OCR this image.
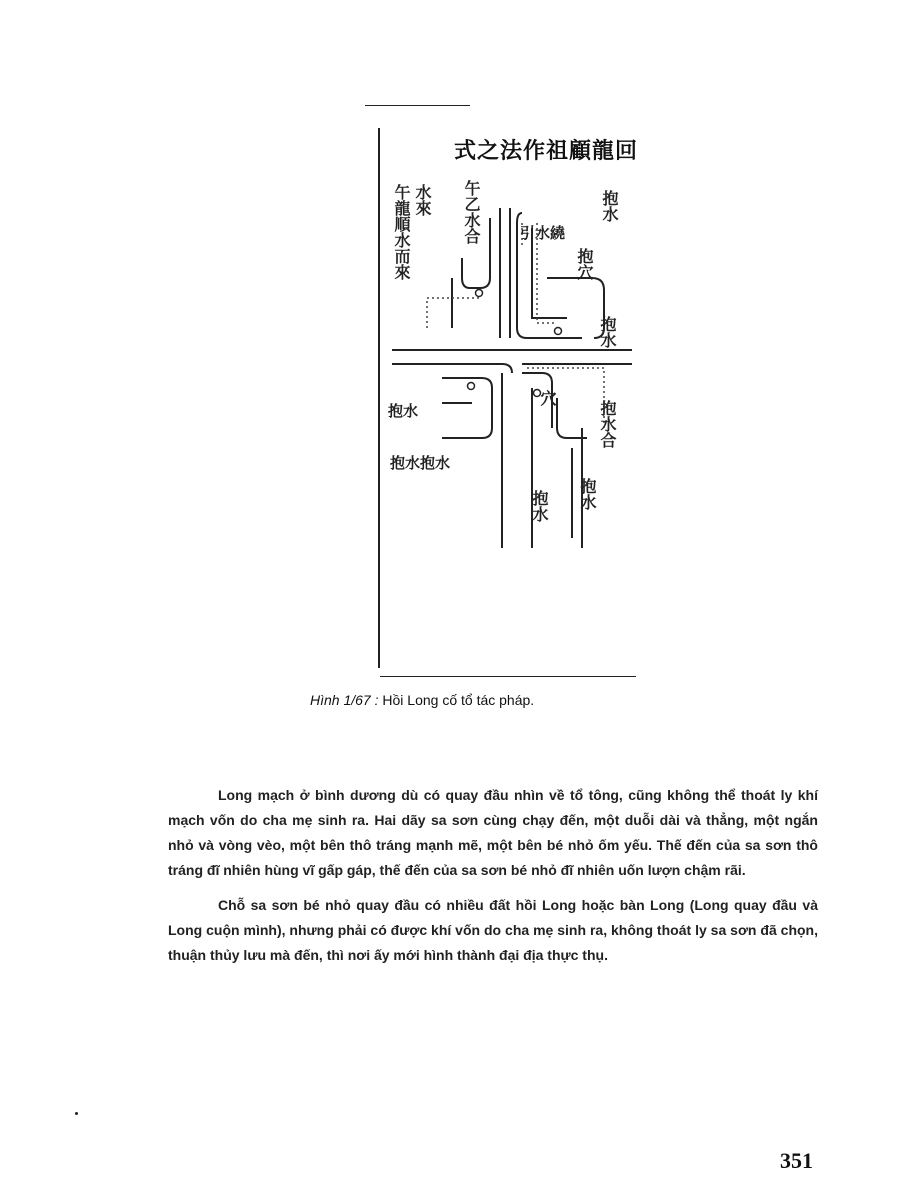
式之法作祖顧龍回
午龍順水而來 水來 午乙水合	抱水
引水繞
抱穴
抱水
抱水
抱水抱水
穴
抱水合
抱水 抱水
Hình 1/67 : Hồi Long cố tổ tác pháp.

Long mạch ở bình dương dù có quay đầu nhìn về tổ tông, cũng không thể thoát ly khí mạch vốn do cha mẹ sinh ra. Hai dãy sa sơn cùng chạy đến, một duỗi dài và thẳng, một ngắn nhỏ và vòng vèo, một bên thô tráng mạnh mẽ, một bên bé nhỏ ốm yếu. Thế đến của sa sơn thô tráng đĩ nhiên hùng vĩ gấp gáp, thế đến của sa sơn bé nhỏ đĩ nhiên uốn lượn chậm rãi.

Chỗ sa sơn bé nhỏ quay đầu có nhiều đất hồi Long hoặc bàn Long (Long quay đầu và Long cuộn mình), nhưng phải có được khí vốn do cha mẹ sinh ra, không thoát ly sa sơn đã chọn, thuận thủy lưu mà đến, thì nơi ấy mới hình thành đại địa thực thụ.

351
